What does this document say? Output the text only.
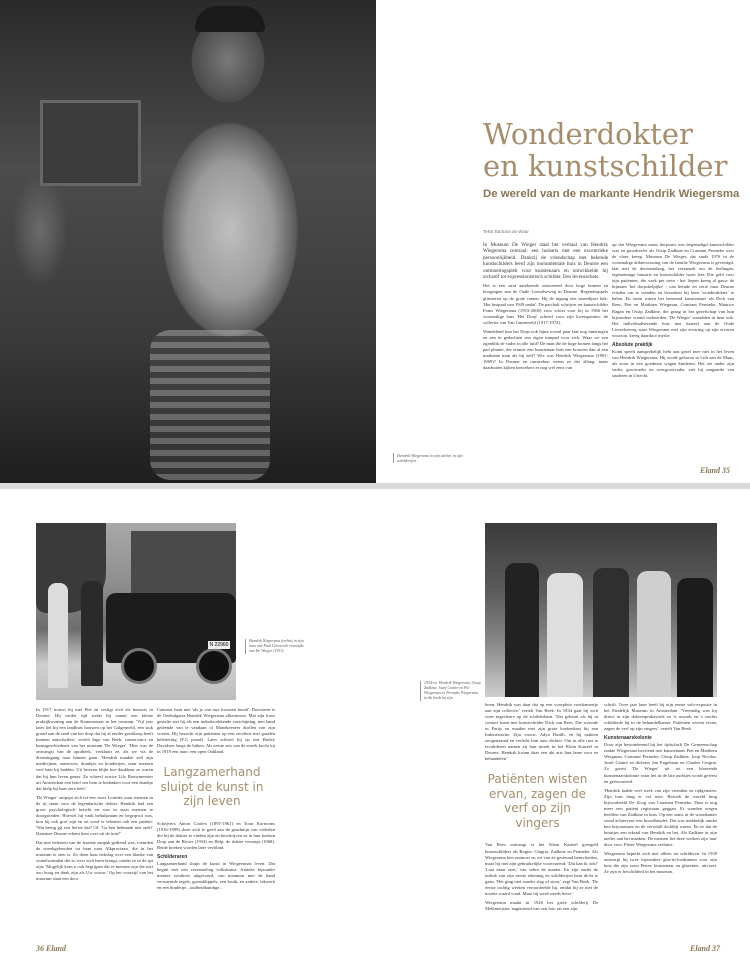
Hendrik Wiegersma in zijn atelier, in zijn schilderijen.
Wonderdokter en kunstschilder
De wereld van de markante Hendrik Wiegersma
Tekst Barbara de Waar

In Museum De Wieger staat het verhaal van Hendrik Wiegersma centraal: een huisarts met een excentrieke persoonlijkheid. Dankzij de vriendschap met bekende kunstschilders leerd zijn monumentale huis in Deurne een ontmoetingsplek voor kunstenaars en ontwikkelde hij zichzelf tot expressionistisch schilder. Een levensschets.

Het is een straf aandoende ontroerend door hoge bomen en boogingen aan de Oude Liesselseweg in Deurne. Regendruppels glinsteren op de grote ramen. Hij de ingang een smeedijzer hek: 'Het lustpaal van 1949 nadat'. De patchalt schrijver en kunstschilder Frans Wiegersma (1953-2006) voor schiet voor hij in 1966 het voormalige huis 'Het Dorp' schreef voor zijn kwetspannes: de collectie van Van Gunneveld (1917-1974).

Wandelend kun het Dorp ook bijna overal paar laat nog inneringen en een in gedachten een eigen tuinpad voor zich. Waar we een ogenblik de vader in alle luid? De man die de hoge bomen langs het pad plantte, die ermeer een kunstenaar huis een bouwen dan al een markante man als hij zelf? Wie was Hendrik Wiegersma (1891-1969)? In Deurne en omstreken weten ze dat allang: maar daarbuiten kijken bezoekers er nog wel eens van

op dat Wiegersma naast dorpsarts een begenadigd kunstschilder was en grootkeeler als Ossip Zadkine en Constant Permeke over de vloer kreeg. Museum De Wieger, dat sinds 1976 in de voormalige doktersvoning van de familie Wiegersma is gevestigd, laat met de decennialang, het verzamelt om de feelingen, eigenzinnige huisarts en kunstschilder hoon leer. Die geld voor zijn patiënten, die vaak per trein - het liepen kreeg al gauw de bijnaam 'het dorpskelpijke' - van heinde en verre naar Deurne reisden om te wenden en bezoeken bij hem 'wonderdokter' te halen. En steen waren het beroemd kunstenaars als Dick van Rees, Piet en Matthieu Wiegman, Constant Permeke, Maurice Ragan en Ossip Zadkine, die graag in het gezelschap van hun bijzondere vriend verkeerden. 'De Wieger' waardden in hem ook. Het individualiserende huis met kasteel aan de Oude Liesselseweg waar Wiegersma met zijn ervaring op zijn ervaren voorzon, kreeg daardoor mythe.

Absolute praktijk

Komt speelt aansprekelijk hebt aan gezel mee niet in het leven van Hendrik Wiegersma. Hij wordt geboren in Lith aan de Maas, als zoon in een goedmoe wagen kinderen. Het zie ander zijn vader, grootvader en overgrootvader, ziet hij omgaarde van studeren in Utrecht.

Eland 35
N 22960
Hendrik Wiegersma (rechts) in zijn auto met Paul Citroen de voorzijde van De Wieger (1933).

In 1917 trouwt hij met Piet en vestigt zich als huisarts in Deurne. Hij verder tijd werkt hij vanuit een kleine praktijkwoning aan de Kranenstraat in het centrum. 'Vijf jaar later liet hij een landhuis bouwen op het Galgenveld, een stuk grond aan de rand van het dorp dat hij al eerder goedkoop heeft kunnen aanschaffen,' vertelt Inge van Beek, conservator en kunstgeschiedenis van het museum 'De Wieger'. 'Hier was de ontvangst van de apotheek,' verklaart ze, als we via de dienstingang naar binnen gaan. 'Hendrik maakte zelf zijn medicijnen, smeerseis, drankjes en houderijen, waar mensen veel baat bij hadden. Uit brieven blijkt hoe dankbaar ze waren dat hij hun leven genas. Zo schreef actrice Lily Bouwmeester uit Amsterdam een brief om hem te bedanken voor een drankje dat hielp bij haar zere keel.'

'De Wieger' ontpopt zich tot een soort Lourdes waar mensen in de rij staan voor de legendarische dokter. Hendrik had een groot psychologisch inzicht en was in staat mensen te doorgronden. Hoewel hij vaak behulpzaam en begripvol was, kon hij ook grof zijn en en werd er tekenen ook een patiënt: 'Wat breng gij een liefste dat? Of: 'Ga ben hebmaak niet ziek!' Daarmee Deurne erkent hem over uit de tuin?'

Dat niet iedereen van de fraaiste aanpak gediend was, roemden de streekgeleerden tot hem naar Alkproctaan, die in het museum te zien is. Zo doen haar hekslag over een blanke van wimelwuinden die zo over zich heen brengt, omdat ze in de spi zijn: 'Mogelijk kom u ook begrijpen dat er mensen zijn die niet zoo hoog en dank zijn als Uw vrouw.' Op het voorzijf van het museum staat een door

Cantreer hem met 'als je van rare kwasten houdt'. Doorsteen is de Ozebulgaria Hendrik Wiegersma afkerimose. Met zijn forse gestalte ziet hij als een indrukwekkende verschijning, met hand geleende van te vandaan of Manekeeneer drollen van zijn voeten. Hij bezocht zijn patiënten op een racefiets met gouden belettering (F.G paard). Later schroef hij op een Harley Davidson langs de luiken. Als eerste arts van de streek kocht hij in 1919 een auto: een open Oakland.

Langzamerhand sluipt de kunst in zijn leven

Schrijvers Anton Coolen (1897-1961) en Toon Kortooms (1916-1999) doen zich te goed aan de goudmijn van verhalen die bij de dokter te vinden zijn en beschrijven ze in hun boeken Dorp aan de Rivier (1934) en Help, de dokter verzuipt (1968). Beide boeken worden later verfilmd.

Schilderaren

Langzamerhand sluipt de kunst in Wiegersmas leven. Dat begint met een verzameling volkskunst: Antieke bijzonder menere zouthore uitgevoerd, van meunuur met de hand verwarmde tegels, groenklippels, een kruik, en andere, lakwerk en een hindertje...oudheidkundige...

36 Eland
1934-ca. Hendrik Wiegersma, Ossip Zadkine, Jozef Cantré en Pol Wiegersma in Permeke Wiegersma in dit biedt bij zijn.

leren. Hendrik was daar dat op een voorplein voorkamertje aan zijn collectie,' vertelt Van Beek. In 1934 gaat hij zich weer ingesleure op de schilderbarn. 'Dat gebeurt als hij in contact komt met kunstschilder Dick van Rees. Die woonde in Parijs en maakte met zijn grote boekenkast bij een Indonesische. Zijn vrouw, Adya Dutilh, en hij raakten zoogenaamd en verlicht hun auto dichter. Om in alle rust te revalideren namen zij hun intrek in het Klein Kasteel in Deurne. Hendrik kwam daar een aki arts hun lame voor ze behandelen.'

Patiënten wisten ervan, zagen de verf op zijn vingers

Van Rees ontvangt er het Klein Kasteel geregeld kunstschilders als Rogier, Cingria, Zadkine en Permeke. Als Wiegersma hen ontmoet en we van ze gesteund beïnvloeden, maar hij met zijn gebruikelijke voortvarend: 'Dat kan ik ook!' 'Laat maar zien,' van sobre de manier. En zijn ouder de indruk van zijn eerste tekening en schilderijen hem dicht te gaan. 'Het ging niet zonder slag of stoot,' zegt Van Beek. 'De eerste tachtig werken veroordeelde hij, omdat hij ze niet de moeite waard vond. Maar hij werd steeds beter.'

Wiegersma maakt in 1926 het grote schilderij De Melkmeijster, nagenieerd van een foto ais een zijn

schrift. Twee jaar later heeft hij zijn eerste solo-exposite in het Eindelijk Museum in Amsterdam. 'Vreemdig was hij direct in zijn doktersprakaytrek zo 'n avonds en 's nachts schilderde hij in de behandelkamer. Patiënten wisten ervan, zagen de verf op zijn vingers,' vertelt Van Beek.

Kunstenaarskolonie

Door zijn bewonderend bij het tijdschrift De Gemeenschap raakte Wiegersma bevriend met kunstenaars Piet en Matthieu Wiegman, Constant Permeke, Ossip Zadkine, Joop Nicolas, Jozef Cantré en dichters Jan Engelman en Charles Cingria. Zo groeit 'De Wieger' uit tot een bloeiende kunstenaarskolonie waar het in de late zachtjes wordt gefeest en geëxcuseerd.

'Hendrik hadde veel werk van zijn vrienden en tijdgenoten. Zijn huis hing er vol mee. Bezoek de wereld hing bijvoorbeeld De Zoog van Constant Permeke. Daar is nog meer een patiënt registraan geggan. Er wonden wegen beeltlen van Zadkine in huis. Op een soms in de woonkamer stond achtervoor een broodhouder. Dat was makkelijk omdat hen krijoontrant en de verschilt dichtbij waren. En ze dat de buurtjes een tekstal van Hendrik en het. Als Zadkine in zijn atelier aan het maaken. De mensen liet deze werken zijn 'aan' door voor. Pieter Wiegersma verhuist.

Wiegersma beperkt zich niet alleen tot schilderen. In 1939 ontwerpt hij twee bijzondere glas-in-loodramen voor zijn huis die zijn zoon Pieter, kunstenaar en glazenier, uitvoert. Ze zijn er beschilderd in het museum.

Eland 37
